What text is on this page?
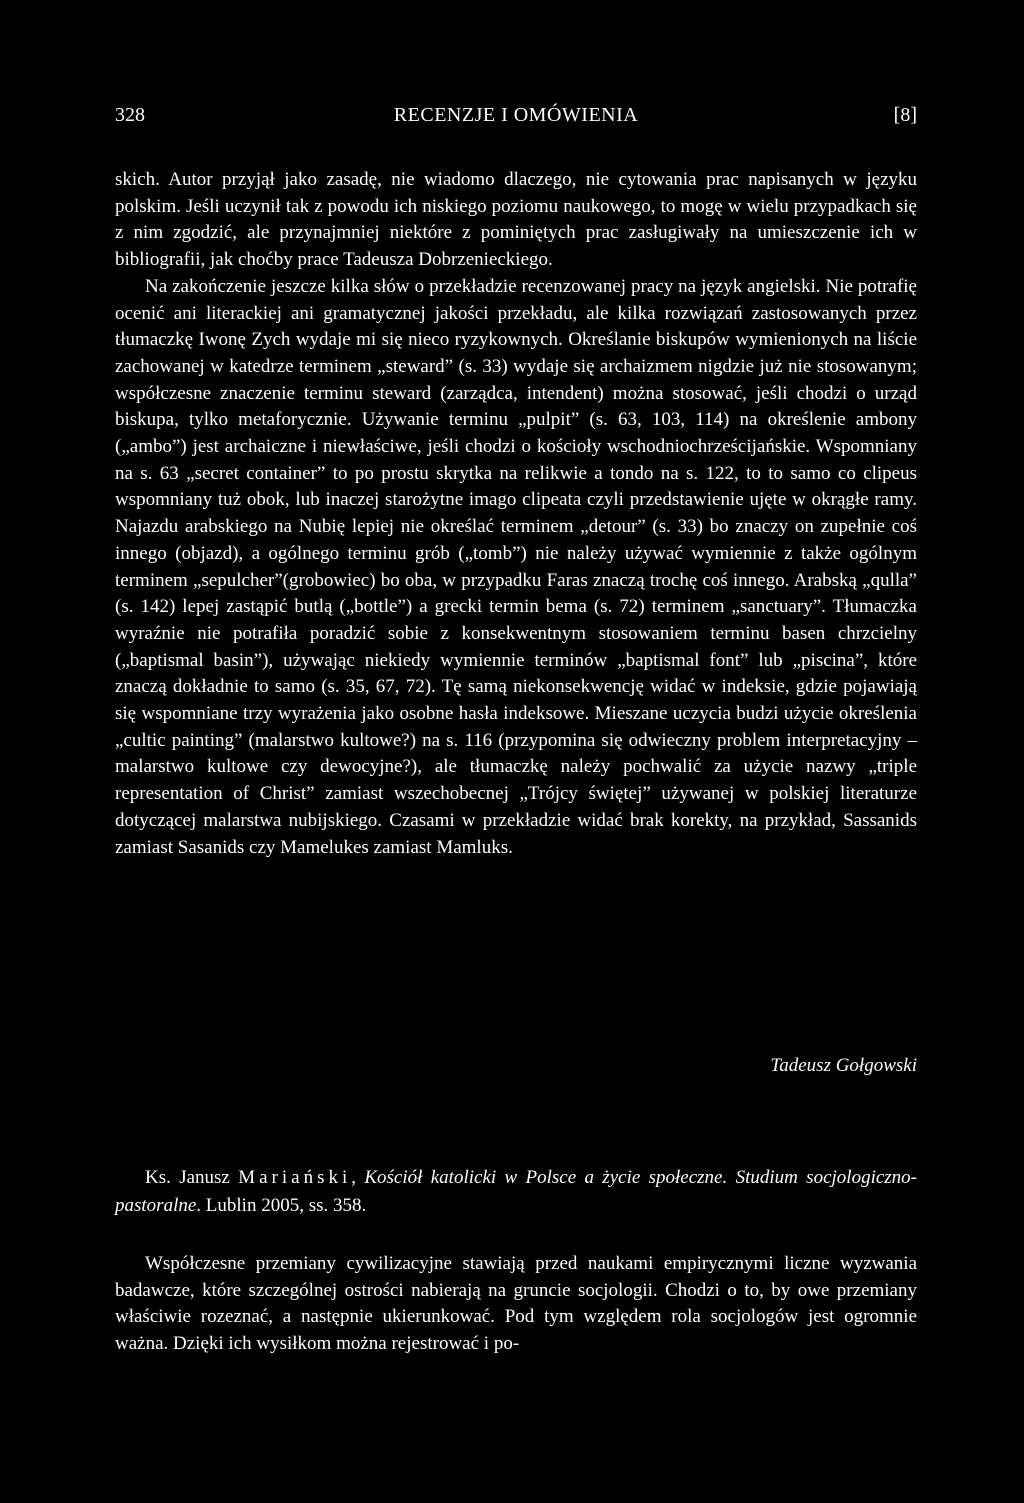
328	RECENZJE I OMÓWIENIA	[8]

skich. Autor przyjął jako zasadę, nie wiadomo dlaczego, nie cytowania prac napisanych w języku polskim. Jeśli uczynił tak z powodu ich niskiego poziomu naukowego, to mogę w wielu przypadkach się z nim zgodzić, ale przynajmniej niektóre z pominiętych prac zasługiwały na umieszczenie ich w bibliografii, jak choćby prace Tadeusza Dobrzenieckiego.

Na zakończenie jeszcze kilka słów o przekładzie recenzowanej pracy na język angielski. Nie potrafię ocenić ani literackiej ani gramatycznej jakości przekładu, ale kilka rozwiązań zastosowanych przez tłumaczkę Iwonę Zych wydaje mi się nieco ryzykownych. Określanie biskupów wymienionych na liście zachowanej w katedrze terminem „steward” (s. 33) wydaje się archaizmem nigdzie już nie stosowanym; współczesne znaczenie terminu steward (zarządca, intendent) można stosować, jeśli chodzi o urząd biskupa, tylko metaforycznie. Używanie terminu „pulpit” (s. 63, 103, 114) na określenie ambony („ambo”) jest archaiczne i niewłaściwe, jeśli chodzi o kościoły wschodniochrześcijańskie. Wspomniany na s. 63 „secret container” to po prostu skrytka na relikwie a tondo na s. 122, to to samo co clipeus wspomniany tuż obok, lub inaczej starożytne imago clipeata czyli przedstawienie ujęte w okrągłe ramy. Najazdu arabskiego na Nubię lepiej nie określać terminem „detour” (s. 33) bo znaczy on zupełnie coś innego (objazd), a ogólnego terminu grób („tomb”) nie należy używać wymiennie z także ogólnym terminem „sepulcher”(grobowiec) bo oba, w przypadku Faras znaczą trochę coś innego. Arabską „qulla” (s. 142) lepej zastąpić butlą („bottle”) a grecki termin bema (s. 72) terminem „sanctuary”. Tłumaczka wyraźnie nie potrafiła poradzić sobie z konsekwentnym stosowaniem terminu basen chrzcielny („baptismal basin”), używając niekiedy wymiennie terminów „baptismal font” lub „piscina”, które znaczą dokładnie to samo (s. 35, 67, 72). Tę samą niekonsekwencję widać w indeksie, gdzie pojawiają się wspomniane trzy wyrażenia jako osobne hasła indeksowe. Mieszane uczycia budzi użycie określenia „cultic painting” (malarstwo kultowe?) na s. 116 (przypomina się odwieczny problem interpretacyjny – malarstwo kultowe czy dewocyjne?), ale tłumaczkę należy pochwalić za użycie nazwy „triple representation of Christ” zamiast wszechobecnej „Trójcy świętej” używanej w polskiej literaturze dotyczącej malarstwa nubijskiego. Czasami w przekładzie widać brak korekty, na przykład, Sassanids zamiast Sasanids czy Mamelukes zamiast Mamluks.

Tadeusz Gołgowski
Ks. Janusz Mariański, Kościół katolicki w Polsce a życie społeczne. Studium socjologiczno-pastoralne. Lublin 2005, ss. 358.

Współczesne przemiany cywilizacyjne stawiają przed naukami empirycznymi liczne wyzwania badawcze, które szczególnej ostrości nabierają na gruncie socjologii. Chodzi o to, by owe przemiany właściwie rozeznać, a następnie ukierunkować. Pod tym względem rola socjologów jest ogromnie ważna. Dzięki ich wysiłkom można rejestrować i po-
